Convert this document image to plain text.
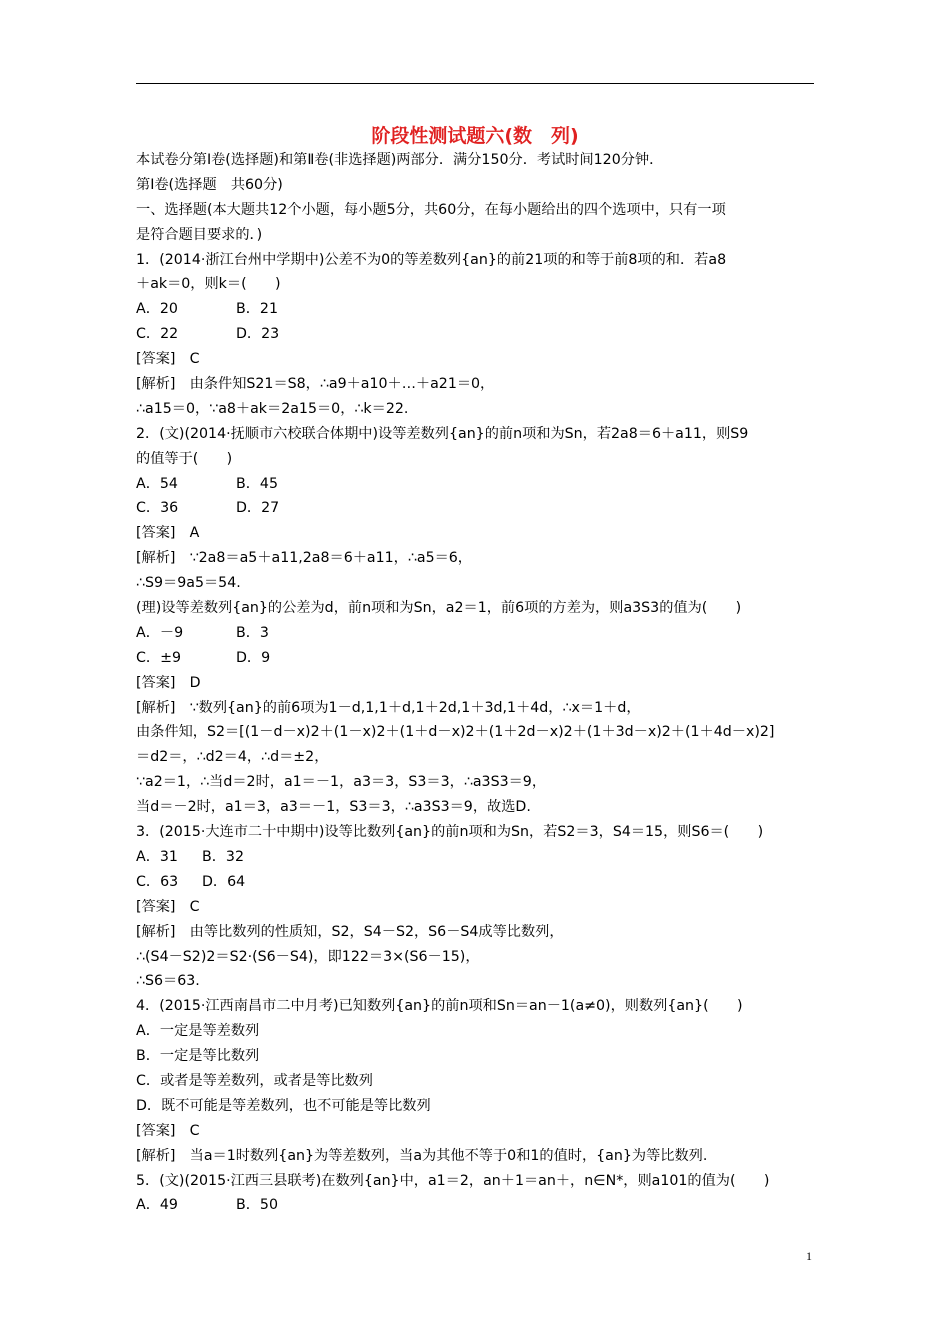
阶段性测试题六(数　列)
本试卷分第Ⅰ卷(选择题)和第Ⅱ卷(非选择题)两部分．满分150分．考试时间120分钟．
第Ⅰ卷(选择题　共60分)
一、选择题(本大题共12个小题，每小题5分，共60分，在每小题给出的四个选项中，只有一项
是符合题目要求的．)
1．(2014·浙江台州中学期中)公差不为0的等差数列{an}的前21项的和等于前8项的和．若a8
＋ak＝0，则k＝(　　)
A．20	B．21
C．22	D．23
[答案]　C
[解析]　由条件知S21＝S8，∴a9＋a10＋…＋a21＝0，
∴a15＝0，∵a8＋ak＝2a15＝0，∴k＝22.
2．(文)(2014·抚顺市六校联合体期中)设等差数列{an}的前n项和为Sn，若2a8＝6＋a11，则S9
的值等于(　　)
A．54	B．45
C．36	D．27
[答案]　A
[解析]　∵2a8＝a5＋a11,2a8＝6＋a11，∴a5＝6，
∴S9＝9a5＝54.
(理)设等差数列{an}的公差为d，前n项和为Sn，a2＝1，前6项的方差为，则a3S3的值为(　　)
A．－9	B．3
C．±9	D．9
[答案]　D
[解析]　∵数列{an}的前6项为1－d,1,1＋d,1＋2d,1＋3d,1＋4d，∴x＝1＋d，
由条件知，S2＝[(1－d－x)2＋(1－x)2＋(1＋d－x)2＋(1＋2d－x)2＋(1＋3d－x)2＋(1＋4d－x)2]
＝d2＝，∴d2＝4，∴d＝±2，
∵a2＝1，∴当d＝2时，a1＝－1，a3＝3，S3＝3，∴a3S3＝9，
当d＝－2时，a1＝3，a3＝－1，S3＝3，∴a3S3＝9，故选D.
3．(2015·大连市二十中期中)设等比数列{an}的前n项和为Sn，若S2＝3，S4＝15，则S6＝(　　)
A．31	B．32
C．63	D．64
[答案]　C
[解析]　由等比数列的性质知，S2，S4－S2，S6－S4成等比数列，
∴(S4－S2)2＝S2·(S6－S4)，即122＝3×(S6－15)，
∴S6＝63.
4．(2015·江西南昌市二中月考)已知数列{an}的前n项和Sn＝an－1(a≠0)，则数列{an}(　　)
A．一定是等差数列
B．一定是等比数列
C．或者是等差数列，或者是等比数列
D．既不可能是等差数列，也不可能是等比数列
[答案]　C
[解析]　当a＝1时数列{an}为等差数列，当a为其他不等于0和1的值时，{an}为等比数列.
5．(文)(2015·江西三县联考)在数列{an}中，a1＝2，an＋1＝an＋，n∈N*，则a101的值为(　　)
A．49	B．50
1
